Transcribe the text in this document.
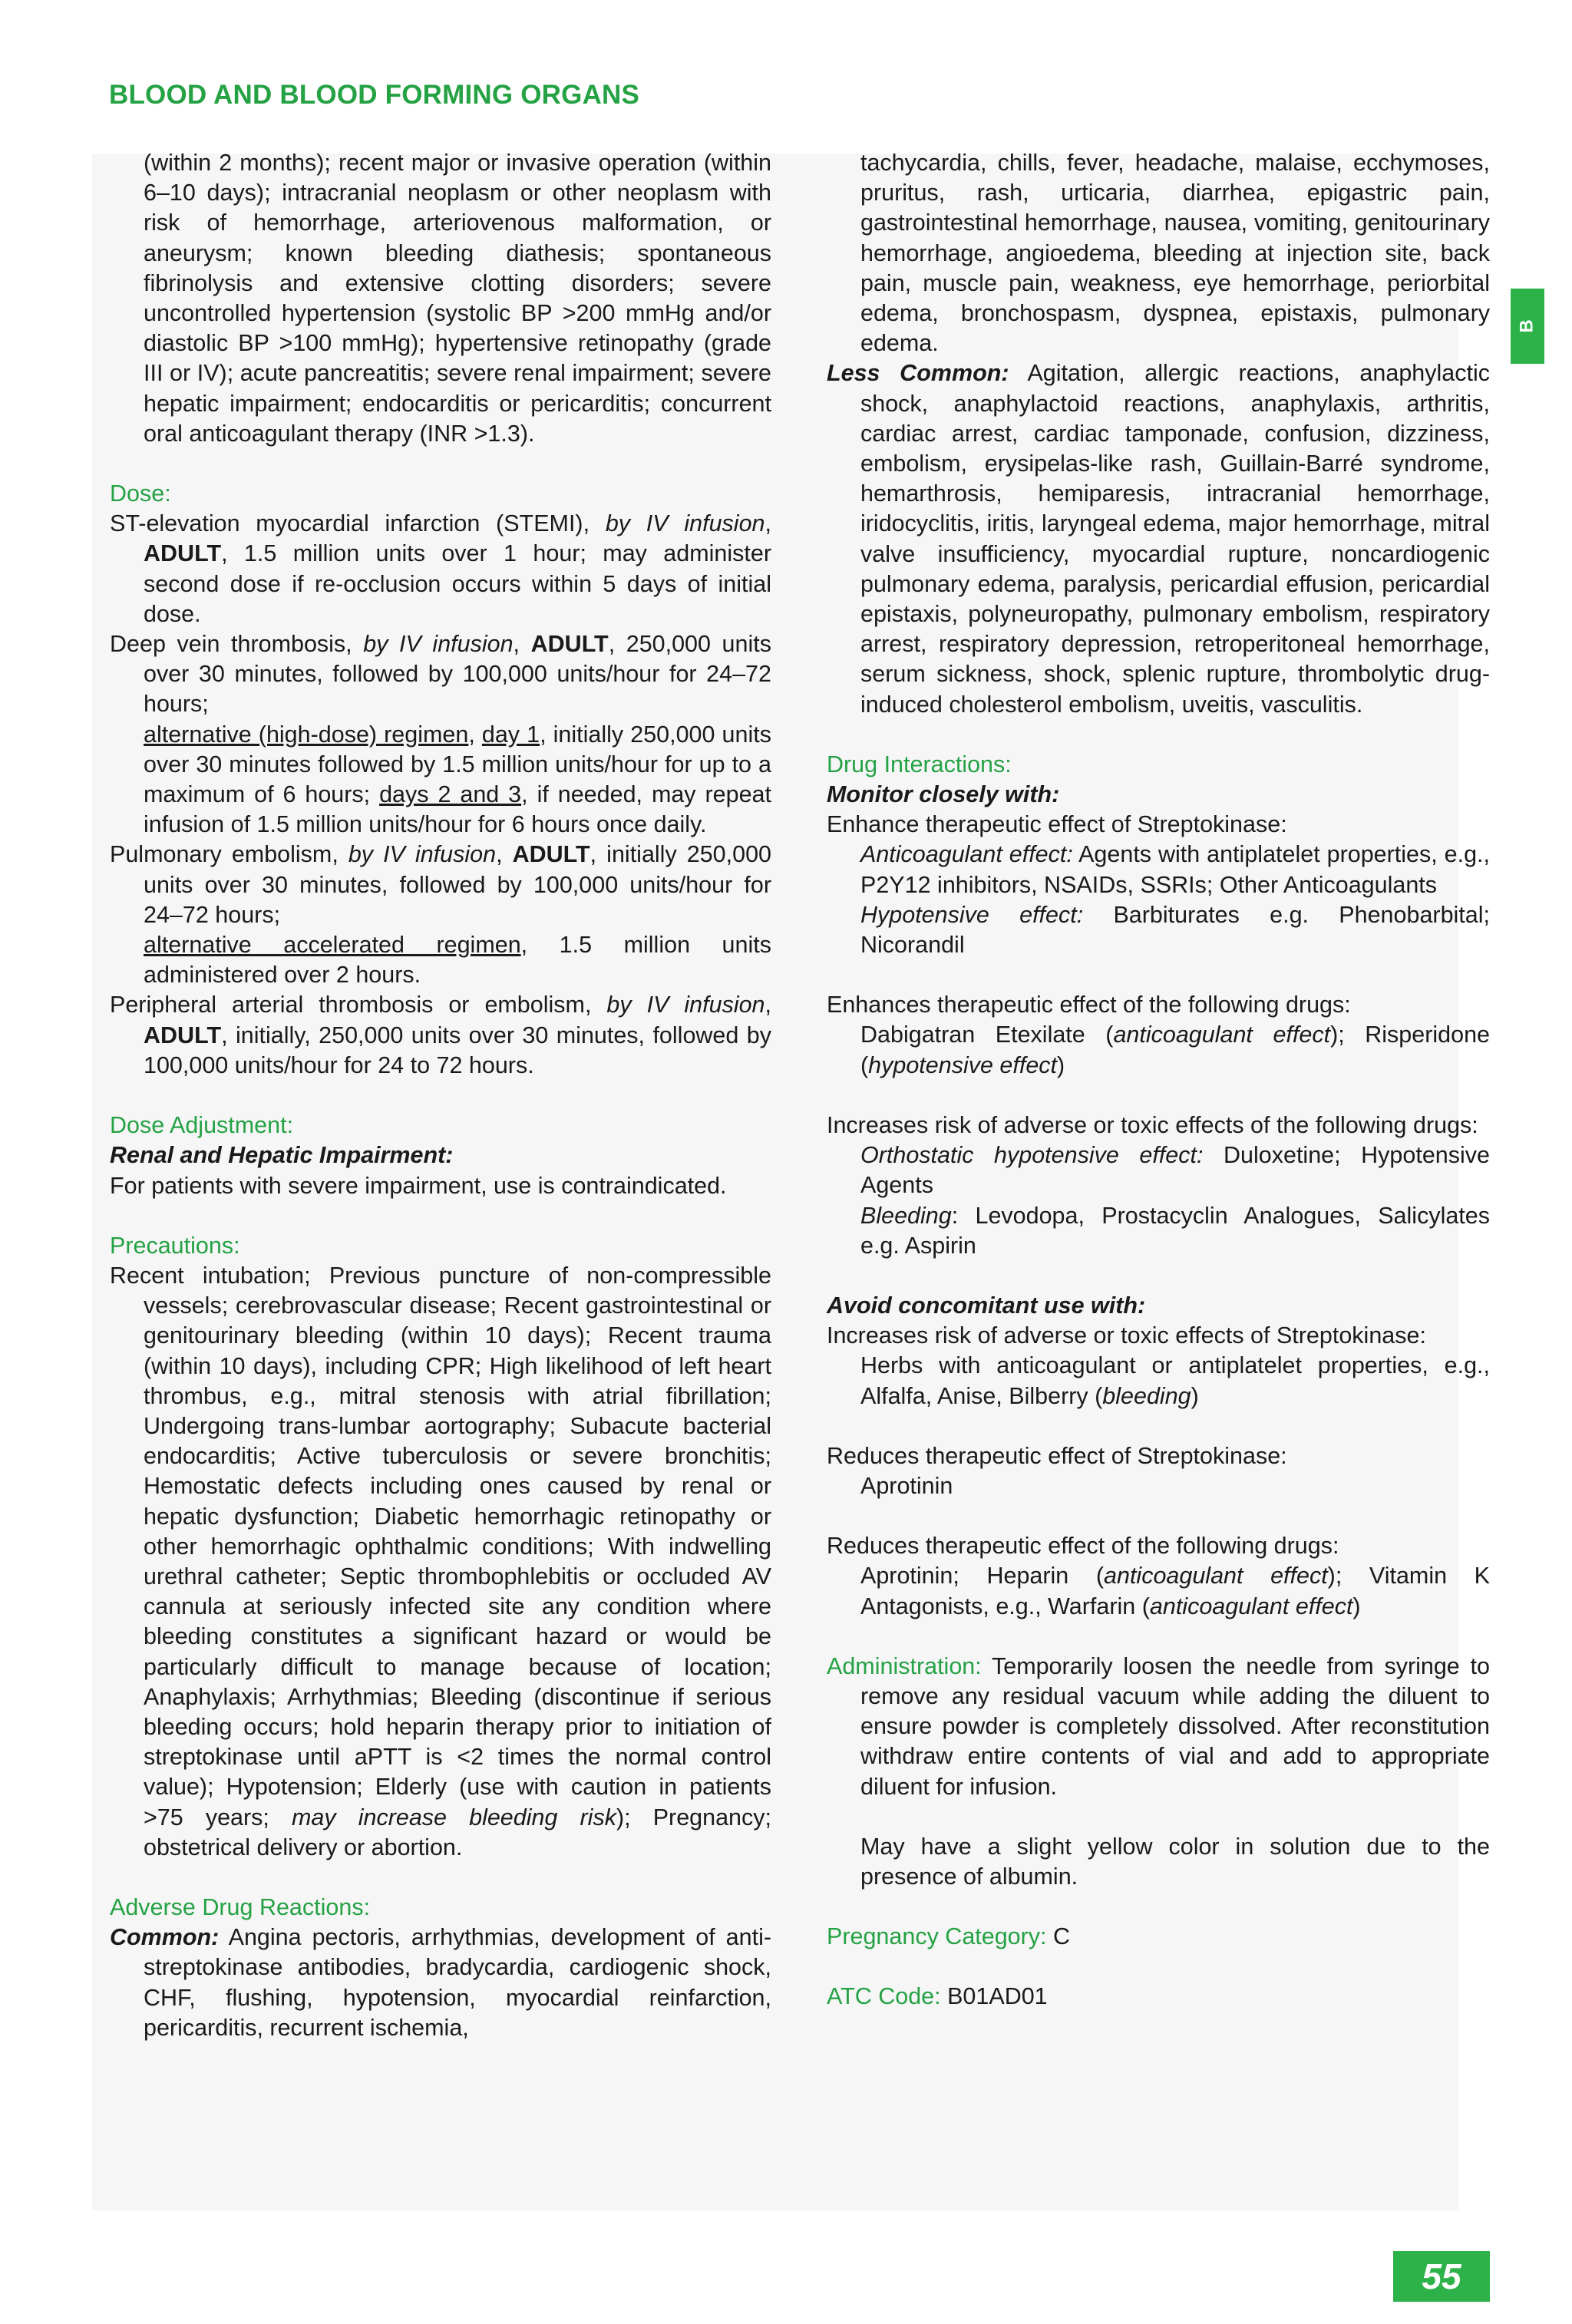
BLOOD AND BLOOD FORMING ORGANS
B

(within 2 months); recent major or invasive operation (within 6–10 days); intracranial neoplasm or other neoplasm with risk of hemorrhage, arteriovenous malformation, or aneurysm; known bleeding diathesis; spontaneous fibrinolysis and extensive clotting disorders; severe uncontrolled hypertension (systolic BP >200 mmHg and/or diastolic BP >100 mmHg); hypertensive retinopathy (grade III or IV); acute pancreatitis; severe renal impairment; severe hepatic impairment; endocarditis or pericarditis; concurrent oral anticoagulant therapy (INR >1.3).

Dose:

ST-elevation myocardial infarction (STEMI), by IV infusion, ADULT, 1.5 million units over 1 hour; may administer second dose if re-occlusion occurs within 5 days of initial dose.

Deep vein thrombosis, by IV infusion, ADULT, 250,000 units over 30 minutes, followed by 100,000 units/hour for 24–72 hours;

alternative (high-dose) regimen, day 1, initially 250,000 units over 30 minutes followed by 1.5 million units/hour for up to a maximum of 6 hours; days 2 and 3, if needed, may repeat infusion of 1.5 million units/hour for 6 hours once daily.

Pulmonary embolism, by IV infusion, ADULT, initially 250,000 units over 30 minutes, followed by 100,000 units/hour for 24–72 hours;

alternative accelerated regimen, 1.5 million units administered over 2 hours.

Peripheral arterial thrombosis or embolism, by IV infusion, ADULT, initially, 250,000 units over 30 minutes, followed by 100,000 units/hour for 24 to 72 hours.

Dose Adjustment:
Renal and Hepatic Impairment:

For patients with severe impairment, use is contraindicated.

Precautions:

Recent intubation; Previous puncture of non-compressible vessels; cerebrovascular disease; Recent gastrointestinal or genitourinary bleeding (within 10 days); Recent trauma (within 10 days), including CPR; High likelihood of left heart thrombus, e.g., mitral stenosis with atrial fibrillation; Undergoing trans-lumbar aortography; Subacute bacterial endocarditis; Active tuberculosis or severe bronchitis; Hemostatic defects including ones caused by renal or hepatic dysfunction; Diabetic hemorrhagic retinopathy or other hemorrhagic ophthalmic conditions; With indwelling urethral catheter; Septic thrombophlebitis or occluded AV cannula at seriously infected site any condition where bleeding constitutes a significant hazard or would be particularly difficult to manage because of location; Anaphylaxis; Arrhythmias; Bleeding (discontinue if serious bleeding occurs; hold heparin therapy prior to initiation of streptokinase until aPTT is <2 times the normal control value); Hypotension; Elderly (use with caution in patients >75 years; may increase bleeding risk); Pregnancy; obstetrical delivery or abortion.

Adverse Drug Reactions:

Common: Angina pectoris, arrhythmias, development of anti-streptokinase antibodies, bradycardia, cardiogenic shock, CHF, flushing, hypotension, myocardial reinfarction, pericarditis, recurrent ischemia,

tachycardia, chills, fever, headache, malaise, ecchymoses, pruritus, rash, urticaria, diarrhea, epigastric pain, gastrointestinal hemorrhage, nausea, vomiting, genitourinary hemorrhage, angioedema, bleeding at injection site, back pain, muscle pain, weakness, eye hemorrhage, periorbital edema, bronchospasm, dyspnea, epistaxis, pulmonary edema.

Less Common: Agitation, allergic reactions, anaphylactic shock, anaphylactoid reactions, anaphylaxis, arthritis, cardiac arrest, cardiac tamponade, confusion, dizziness, embolism, erysipelas-like rash, Guillain-Barré syndrome, hemarthrosis, hemiparesis, intracranial hemorrhage, iridocyclitis, iritis, laryngeal edema, major hemorrhage, mitral valve insufficiency, myocardial rupture, noncardiogenic pulmonary edema, paralysis, pericardial effusion, pericardial epistaxis, polyneuropathy, pulmonary embolism, respiratory arrest, respiratory depression, retroperitoneal hemorrhage, serum sickness, shock, splenic rupture, thrombolytic drug-induced cholesterol embolism, uveitis, vasculitis.

Drug Interactions:
Monitor closely with:

Enhance therapeutic effect of Streptokinase:

Anticoagulant effect: Agents with antiplatelet properties, e.g., P2Y12 inhibitors, NSAIDs, SSRIs; Other Anticoagulants

Hypotensive effect: Barbiturates e.g. Phenobarbital; Nicorandil

Enhances therapeutic effect of the following drugs:

Dabigatran Etexilate (anticoagulant effect); Risperidone (hypotensive effect)

Increases risk of adverse or toxic effects of the following drugs:

Orthostatic hypotensive effect: Duloxetine; Hypotensive Agents

Bleeding: Levodopa, Prostacyclin Analogues, Salicylates e.g. Aspirin

Avoid concomitant use with:

Increases risk of adverse or toxic effects of Streptokinase:

Herbs with anticoagulant or antiplatelet properties, e.g., Alfalfa, Anise, Bilberry (bleeding)

Reduces therapeutic effect of Streptokinase:

Aprotinin

Reduces therapeutic effect of the following drugs:

Aprotinin; Heparin (anticoagulant effect); Vitamin K Antagonists, e.g., Warfarin (anticoagulant effect)

Administration: Temporarily loosen the needle from syringe to remove any residual vacuum while adding the diluent to ensure powder is completely dissolved. After reconstitution withdraw entire contents of vial and add to appropriate diluent for infusion.

May have a slight yellow color in solution due to the presence of albumin.

Pregnancy Category: C

ATC Code: B01AD01

55
